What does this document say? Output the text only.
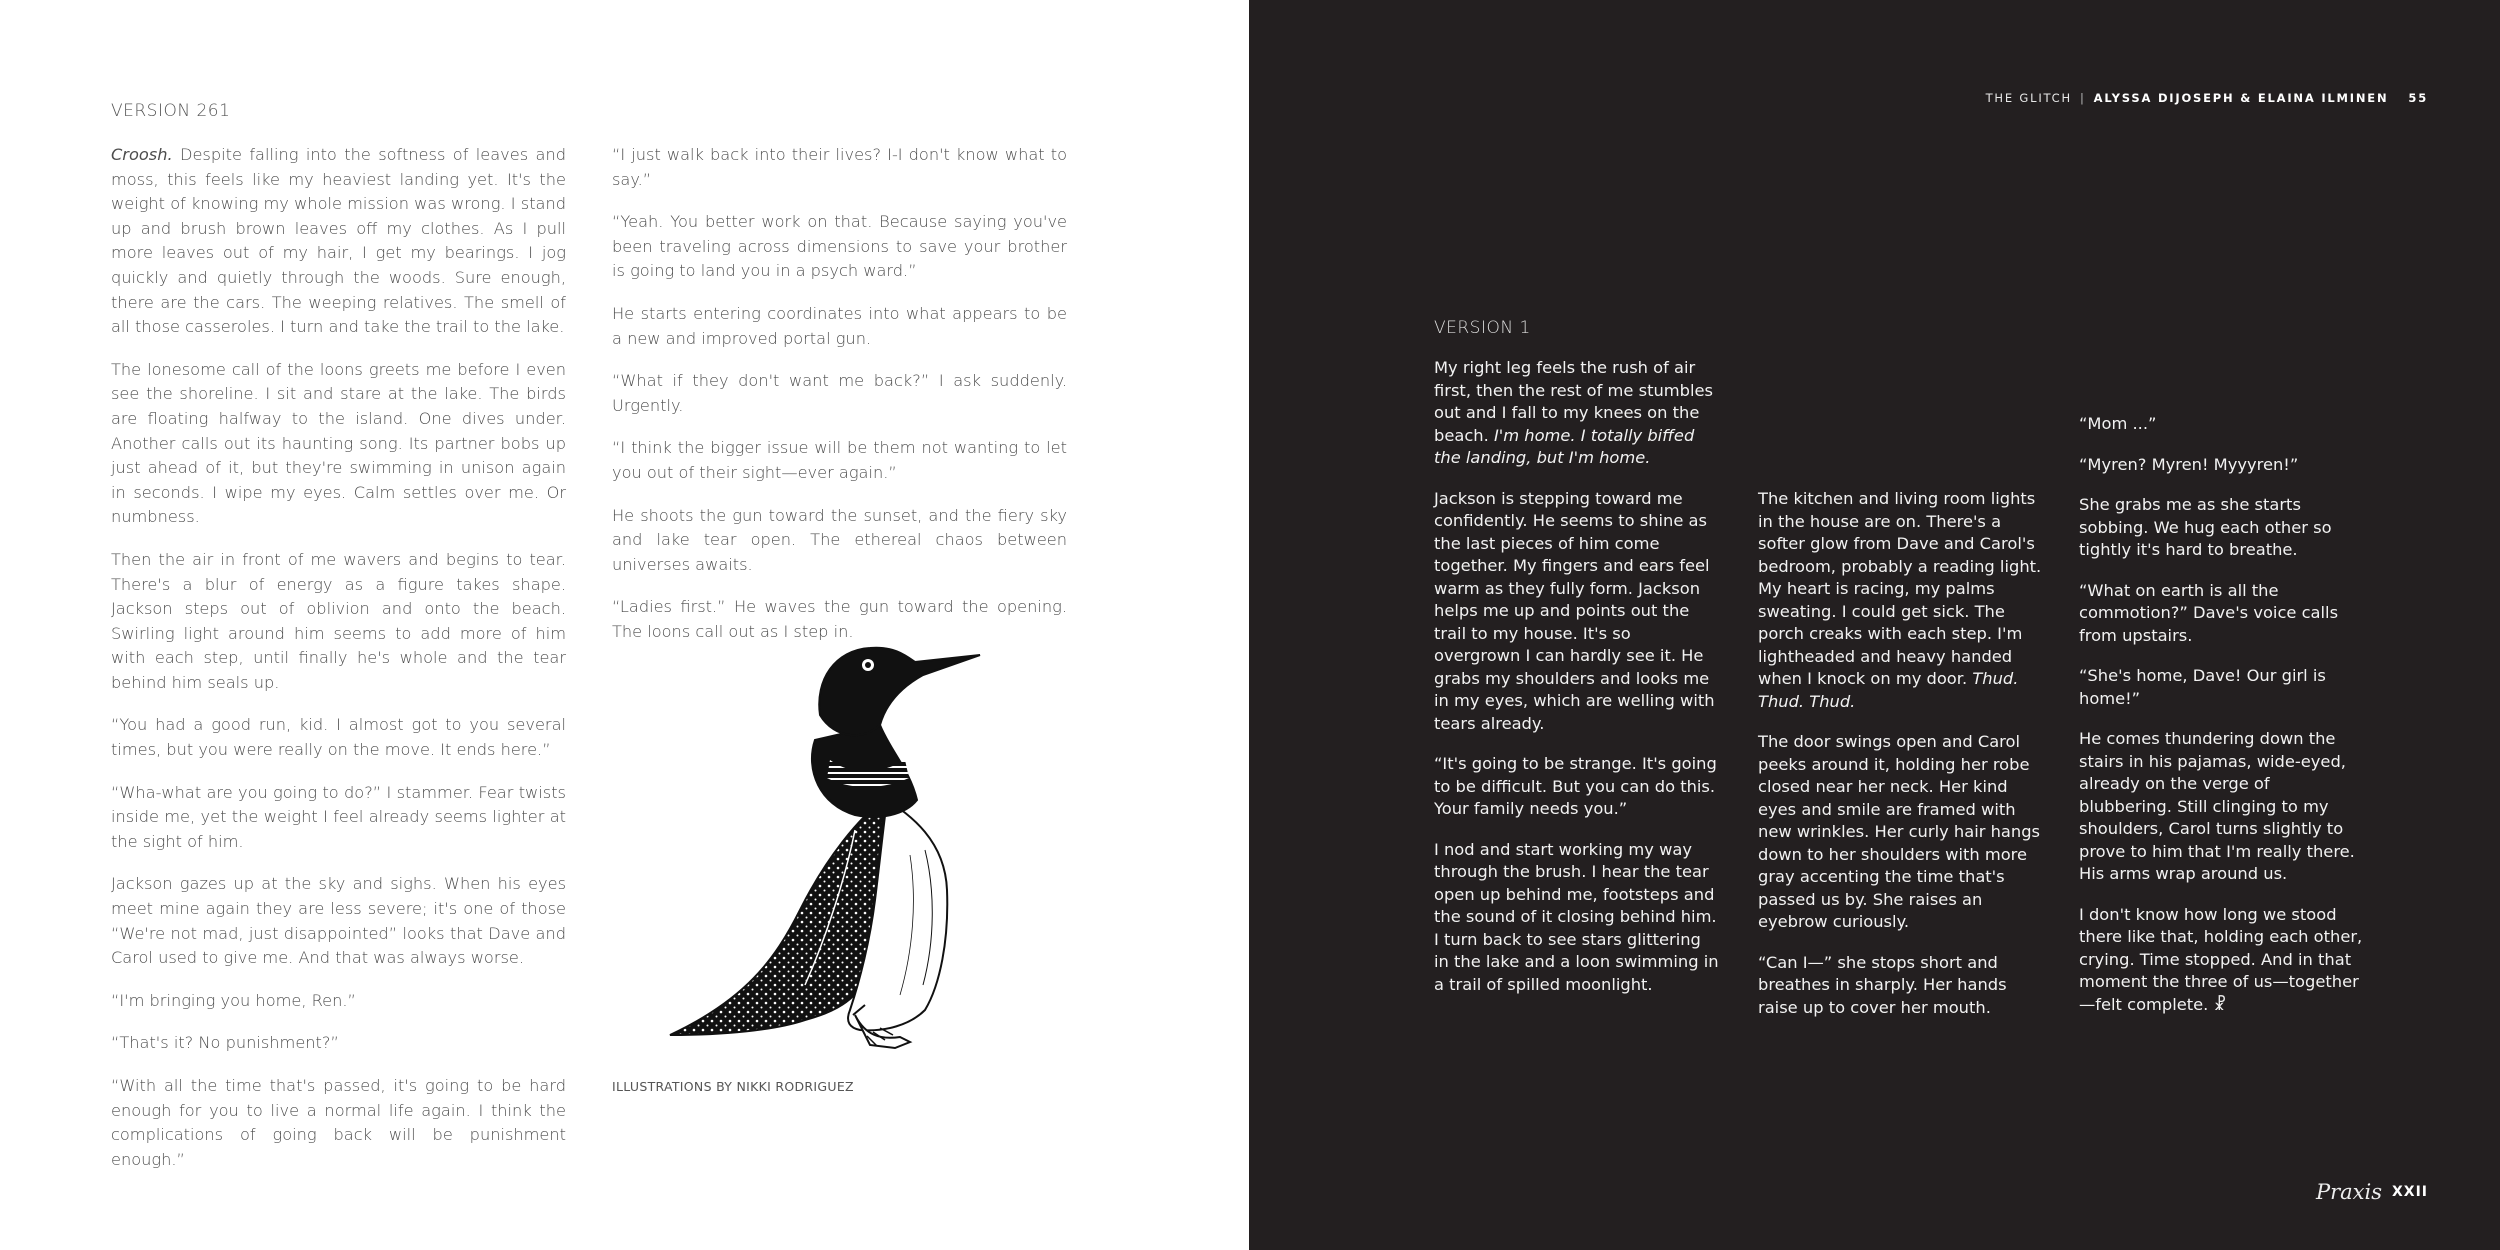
VERSION 261

Croosh. Despite falling into the softness of leaves and moss, this feels like my heaviest landing yet. It's the weight of knowing my whole mission was wrong. I stand up and brush brown leaves off my clothes. As I pull more leaves out of my hair, I get my bearings. I jog quickly and quietly through the woods. Sure enough, there are the cars. The weeping relatives. The smell of all those casseroles. I turn and take the trail to the lake.

The lonesome call of the loons greets me before I even see the shoreline. I sit and stare at the lake. The birds are floating halfway to the island. One dives under. Another calls out its haunting song. Its partner bobs up just ahead of it, but they're swimming in unison again in seconds. I wipe my eyes. Calm settles over me. Or numbness.

Then the air in front of me wavers and begins to tear. There's a blur of energy as a figure takes shape. Jackson steps out of oblivion and onto the beach. Swirling light around him seems to add more of him with each step, until finally he's whole and the tear behind him seals up.

“You had a good run, kid. I almost got to you several times, but you were really on the move. It ends here.”

“Wha-what are you going to do?” I stammer. Fear twists inside me, yet the weight I feel already seems lighter at the sight of him.

Jackson gazes up at the sky and sighs. When his eyes meet mine again they are less severe; it's one of those “We're not mad, just disappointed” looks that Dave and Carol used to give me. And that was always worse.

“I'm bringing you home, Ren.”

“That's it? No punishment?”

“With all the time that's passed, it's going to be hard enough for you to live a normal life again. I think the complications of going back will be punishment enough.”

“I just walk back into their lives? I-I don't know what to say.”

“Yeah. You better work on that. Because saying you've been traveling across dimensions to save your brother is going to land you in a psych ward.”

He starts entering coordinates into what appears to be a new and improved portal gun.

“What if they don't want me back?” I ask suddenly. Urgently.

“I think the bigger issue will be them not wanting to let you out of their sight—ever again.”

He shoots the gun toward the sunset, and the fiery sky and lake tear open. The ethereal chaos between universes awaits.

“Ladies first.” He waves the gun toward the opening. The loons call out as I step in.

ILLUSTRATIONS BY NIKKI RODRIGUEZ
THE GLITCH | ALYSSA DIJOSEPH & ELAINA ILMINEN 55
VERSION 1

My right leg feels the rush of air first, then the rest of me stumbles out and I fall to my knees on the beach. I'm home. I totally biffed the landing, but I'm home.

Jackson is stepping toward me confidently. He seems to shine as the last pieces of him come together. My fingers and ears feel warm as they fully form. Jackson helps me up and points out the trail to my house. It's so overgrown I can hardly see it. He grabs my shoulders and looks me in my eyes, which are welling with tears already.

“It's going to be strange. It's going to be difficult. But you can do this. Your family needs you.”

I nod and start working my way through the brush. I hear the tear open up behind me, footsteps and the sound of it closing behind him. I turn back to see stars glittering in the lake and a loon swimming in a trail of spilled moonlight.

The kitchen and living room lights in the house are on. There's a softer glow from Dave and Carol's bedroom, probably a reading light. My heart is racing, my palms sweating. I could get sick. The porch creaks with each step. I'm lightheaded and heavy handed when I knock on my door. Thud. Thud. Thud.

The door swings open and Carol peeks around it, holding her robe closed near her neck. Her kind eyes and smile are framed with new wrinkles. Her curly hair hangs down to her shoulders with more gray accenting the time that's passed us by. She raises an eyebrow curiously.

“Can I—” she stops short and breathes in sharply. Her hands raise up to cover her mouth.

“Mom ...”

“Myren? Myren! Myyyren!”

She grabs me as she starts sobbing. We hug each other so tightly it's hard to breathe.

“What on earth is all the commotion?” Dave's voice calls from upstairs.

“She's home, Dave! Our girl is home!”

He comes thundering down the stairs in his pajamas, wide-eyed, already on the verge of blubbering. Still clinging to my shoulders, Carol turns slightly to prove to him that I'm really there. His arms wrap around us.

I don't know how long we stood there like that, holding each other, crying. Time stopped. And in that moment the three of us—together—felt complete. ☧

Praxis XXII
